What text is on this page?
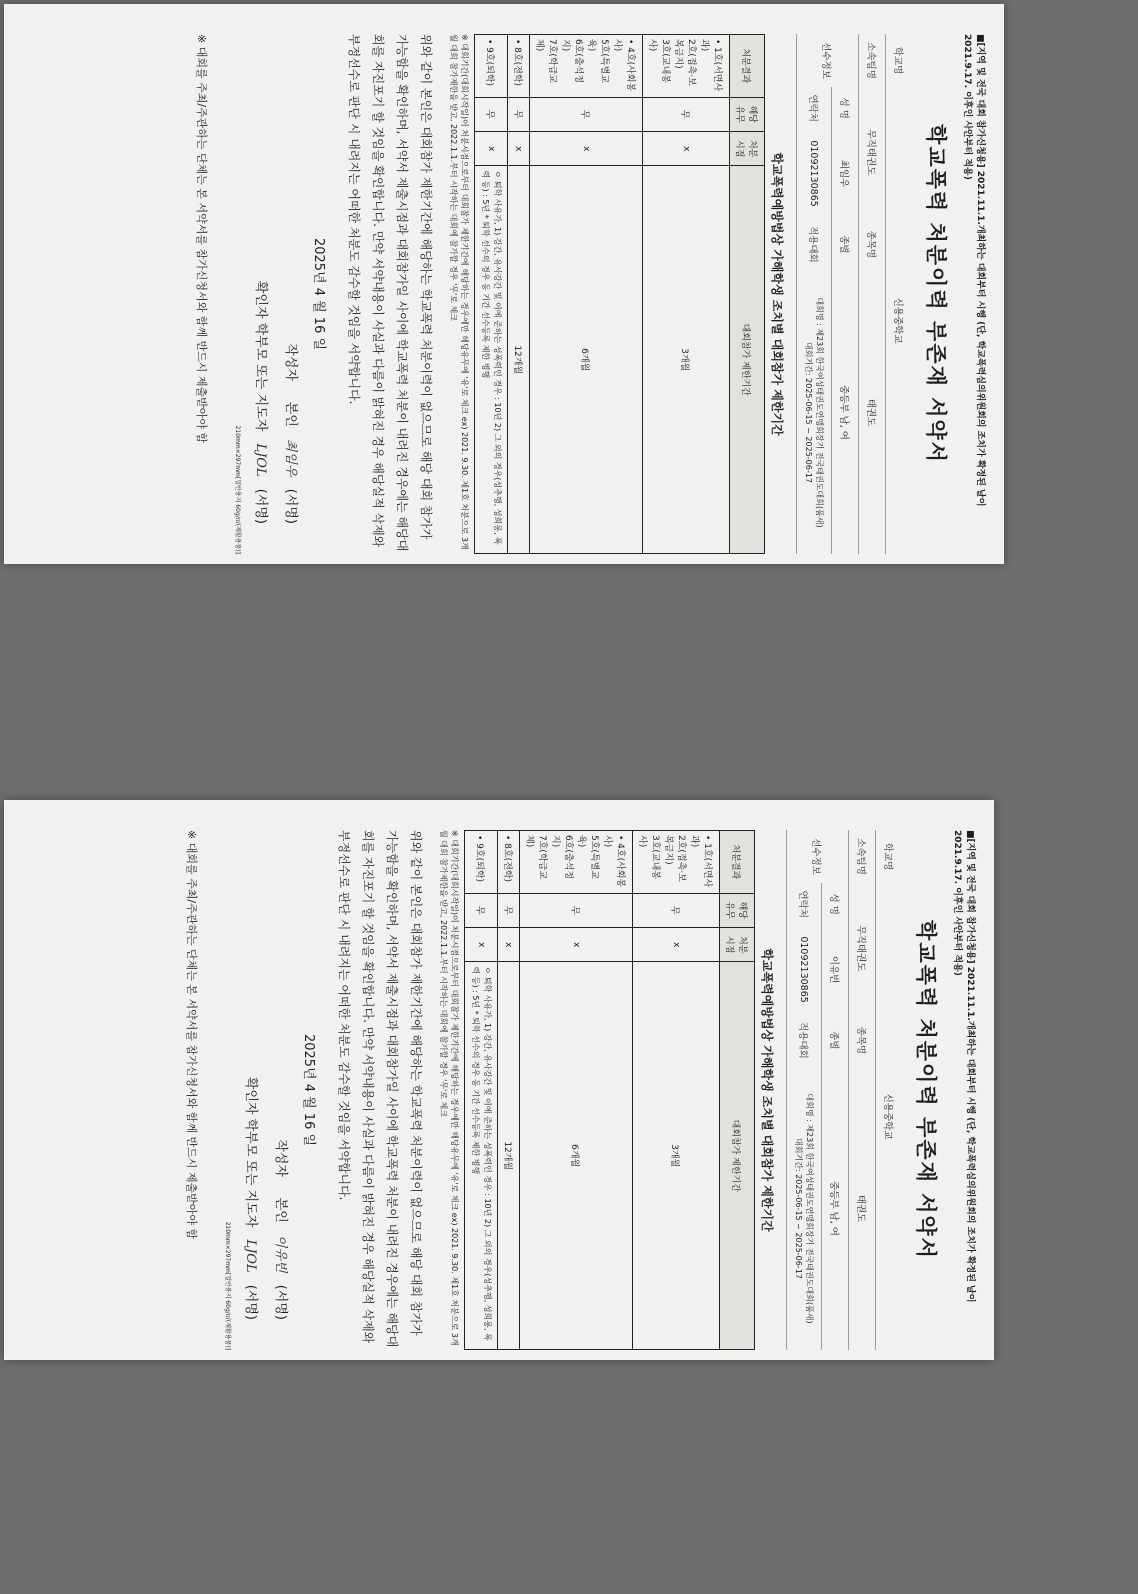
■[지역 및 전국 대회 참가신청용] 2021.11.1.개최하는 대회부터 시행 (단, 학교폭력심의위원회의 조치가 확정된 날이 2021.9.17. 이후인 사안부터 적용)
학교폭력 처분이력 부존재 서약서
학교명	신용중학교			
소속팀명	무직태권도		종목명	태권도
선수정보	성 명	최임우	종별	중등부 남, 여
	연락처	01092130865	적용대회	대회명 : 제23회 한국여성태권도연맹회장기 전국태권도대회(품새)
대회기간: 2025-06-15 ~ 2025-06-17
학교폭력예방법상 가해학생 조치별 대회참가 제한기간
처분결과	해당유무	처분시점	대회참가 제한기간

• 1호(서면사과)
2호(접촉·보복금지)
3호(교내봉사)	무	x	3개월

• 4호(사회봉사)
5호(특별교육)
6호(출석정지)
7호(학급교체)	무	x	6개월

• 8호(전학)	무	x	12개월

• 9호(퇴학)	무	x	ㅇ 퇴학 사유가, 1) 강간, 유사강간 및 이에 준하는 성폭력인 경우 : 10년 2) 그 외의 경우(성추행, 성희롱, 폭력 등) : 5년 * 퇴학 선수의 경우 동 기간 선수등록 제한 병행
※ 대회기간(대회시작일)이 처분시점으로부터 대회참가 제한기간에 해당하는 경우에만 해당유무에 '유'로 체크 ex) 2021. 9.30. 제1호 처분으로 3개월 대회 참가제한을 받고, 2022.1.1.부터 시작하는 대회에 참가할 경우 '무'로 체크
위와 같이 본인은 대회참가 제한기간에 해당하는 학교폭력 처분이력이 없으므로 해당 대회 참가가 가능함을 확인하며, 서약서 제출시점과 대회참가일 사이에 학교폭력 처분이 내려진 경우에는 해당대회를 자진포기 할 것임을 확인합니다. 만약 서약내용이 사실과 다름이 밝혀진 경우 해당실적 삭제와 부정선수로 판단 시 내려지는 어떠한 처분도 감수할 것임을 서약합니다.
2025년 4 월 16 일
작성자     본인 최임우 (서명)
확인자 학부모 또는 지도자 LJOL (서명)
210mm×297mm[일반용지 60g/㎡(재활용품)]
※ 대회를 주최/주관하는 단체는 본 서약서를 참가신청서와 함께 반드시 제출받아야 함
■[지역 및 전국 대회 참가신청용] 2021.11.1.개최하는 대회부터 시행 (단, 학교폭력심의위원회의 조치가 확정된 날이 2021.9.17. 이후인 사안부터 적용)
학교폭력 처분이력 부존재 서약서
학교명	신용중학교			
소속팀명	무직태권도		종목명	태권도
선수정보	성 명	이유빈	종별	중등부 남, 여
	연락처	01092130865	적용대회	대회명 : 제23회 한국여성태권도연맹회장기 전국태권도대회(품새)
대회기간: 2025-06-15 ~ 2025-06-17
학교폭력예방법상 가해학생 조치별 대회참가 제한기간
처분결과	해당유무	처분시점	대회참가 제한기간

• 1호(서면사과)
2호(접촉·보복금지)
3호(교내봉사)	무	x	3개월

• 4호(사회봉사)
5호(특별교육)
6호(출석정지)
7호(학급교체)	무	x	6개월

• 8호(전학)	무	x	12개월

• 9호(퇴학)	무	x	ㅇ 퇴학 사유가, 1) 강간, 유사강간 및 이에 준하는 성폭력인 경우 : 10년 2) 그 외의 경우(성추행, 성희롱, 폭력 등) : 5년 * 퇴학 선수의 경우 동 기간 선수등록 제한 병행
※ 대회기간(대회시작일)이 처분시점으로부터 대회참가 제한기간에 해당하는 경우에만 해당유무에 '유'로 체크 ex) 2021. 9.30. 제1호 처분으로 3개월 대회 참가제한을 받고, 2022.1.1.부터 시작하는 대회에 참가할 경우 '무'로 체크
위와 같이 본인은 대회참가 제한기간에 해당하는 학교폭력 처분이력이 없으므로 해당 대회 참가가 가능함을 확인하며, 서약서 제출시점과 대회참가일 사이에 학교폭력 처분이 내려진 경우에는 해당대회를 자진포기 할 것임을 확인합니다. 만약 서약내용이 사실과 다름이 밝혀진 경우 해당실적 삭제와 부정선수로 판단 시 내려지는 어떠한 처분도 감수할 것임을 서약합니다.
2025년 4 월 16 일
작성자     본인 이유빈 (서명)
확인자 학부모 또는 지도자 LJOL (서명)
210mm×297mm[일반용지 60g/㎡(재활용품)]
※ 대회를 주최/주관하는 단체는 본 서약서를 참가신청서와 함께 반드시 제출받아야 함
